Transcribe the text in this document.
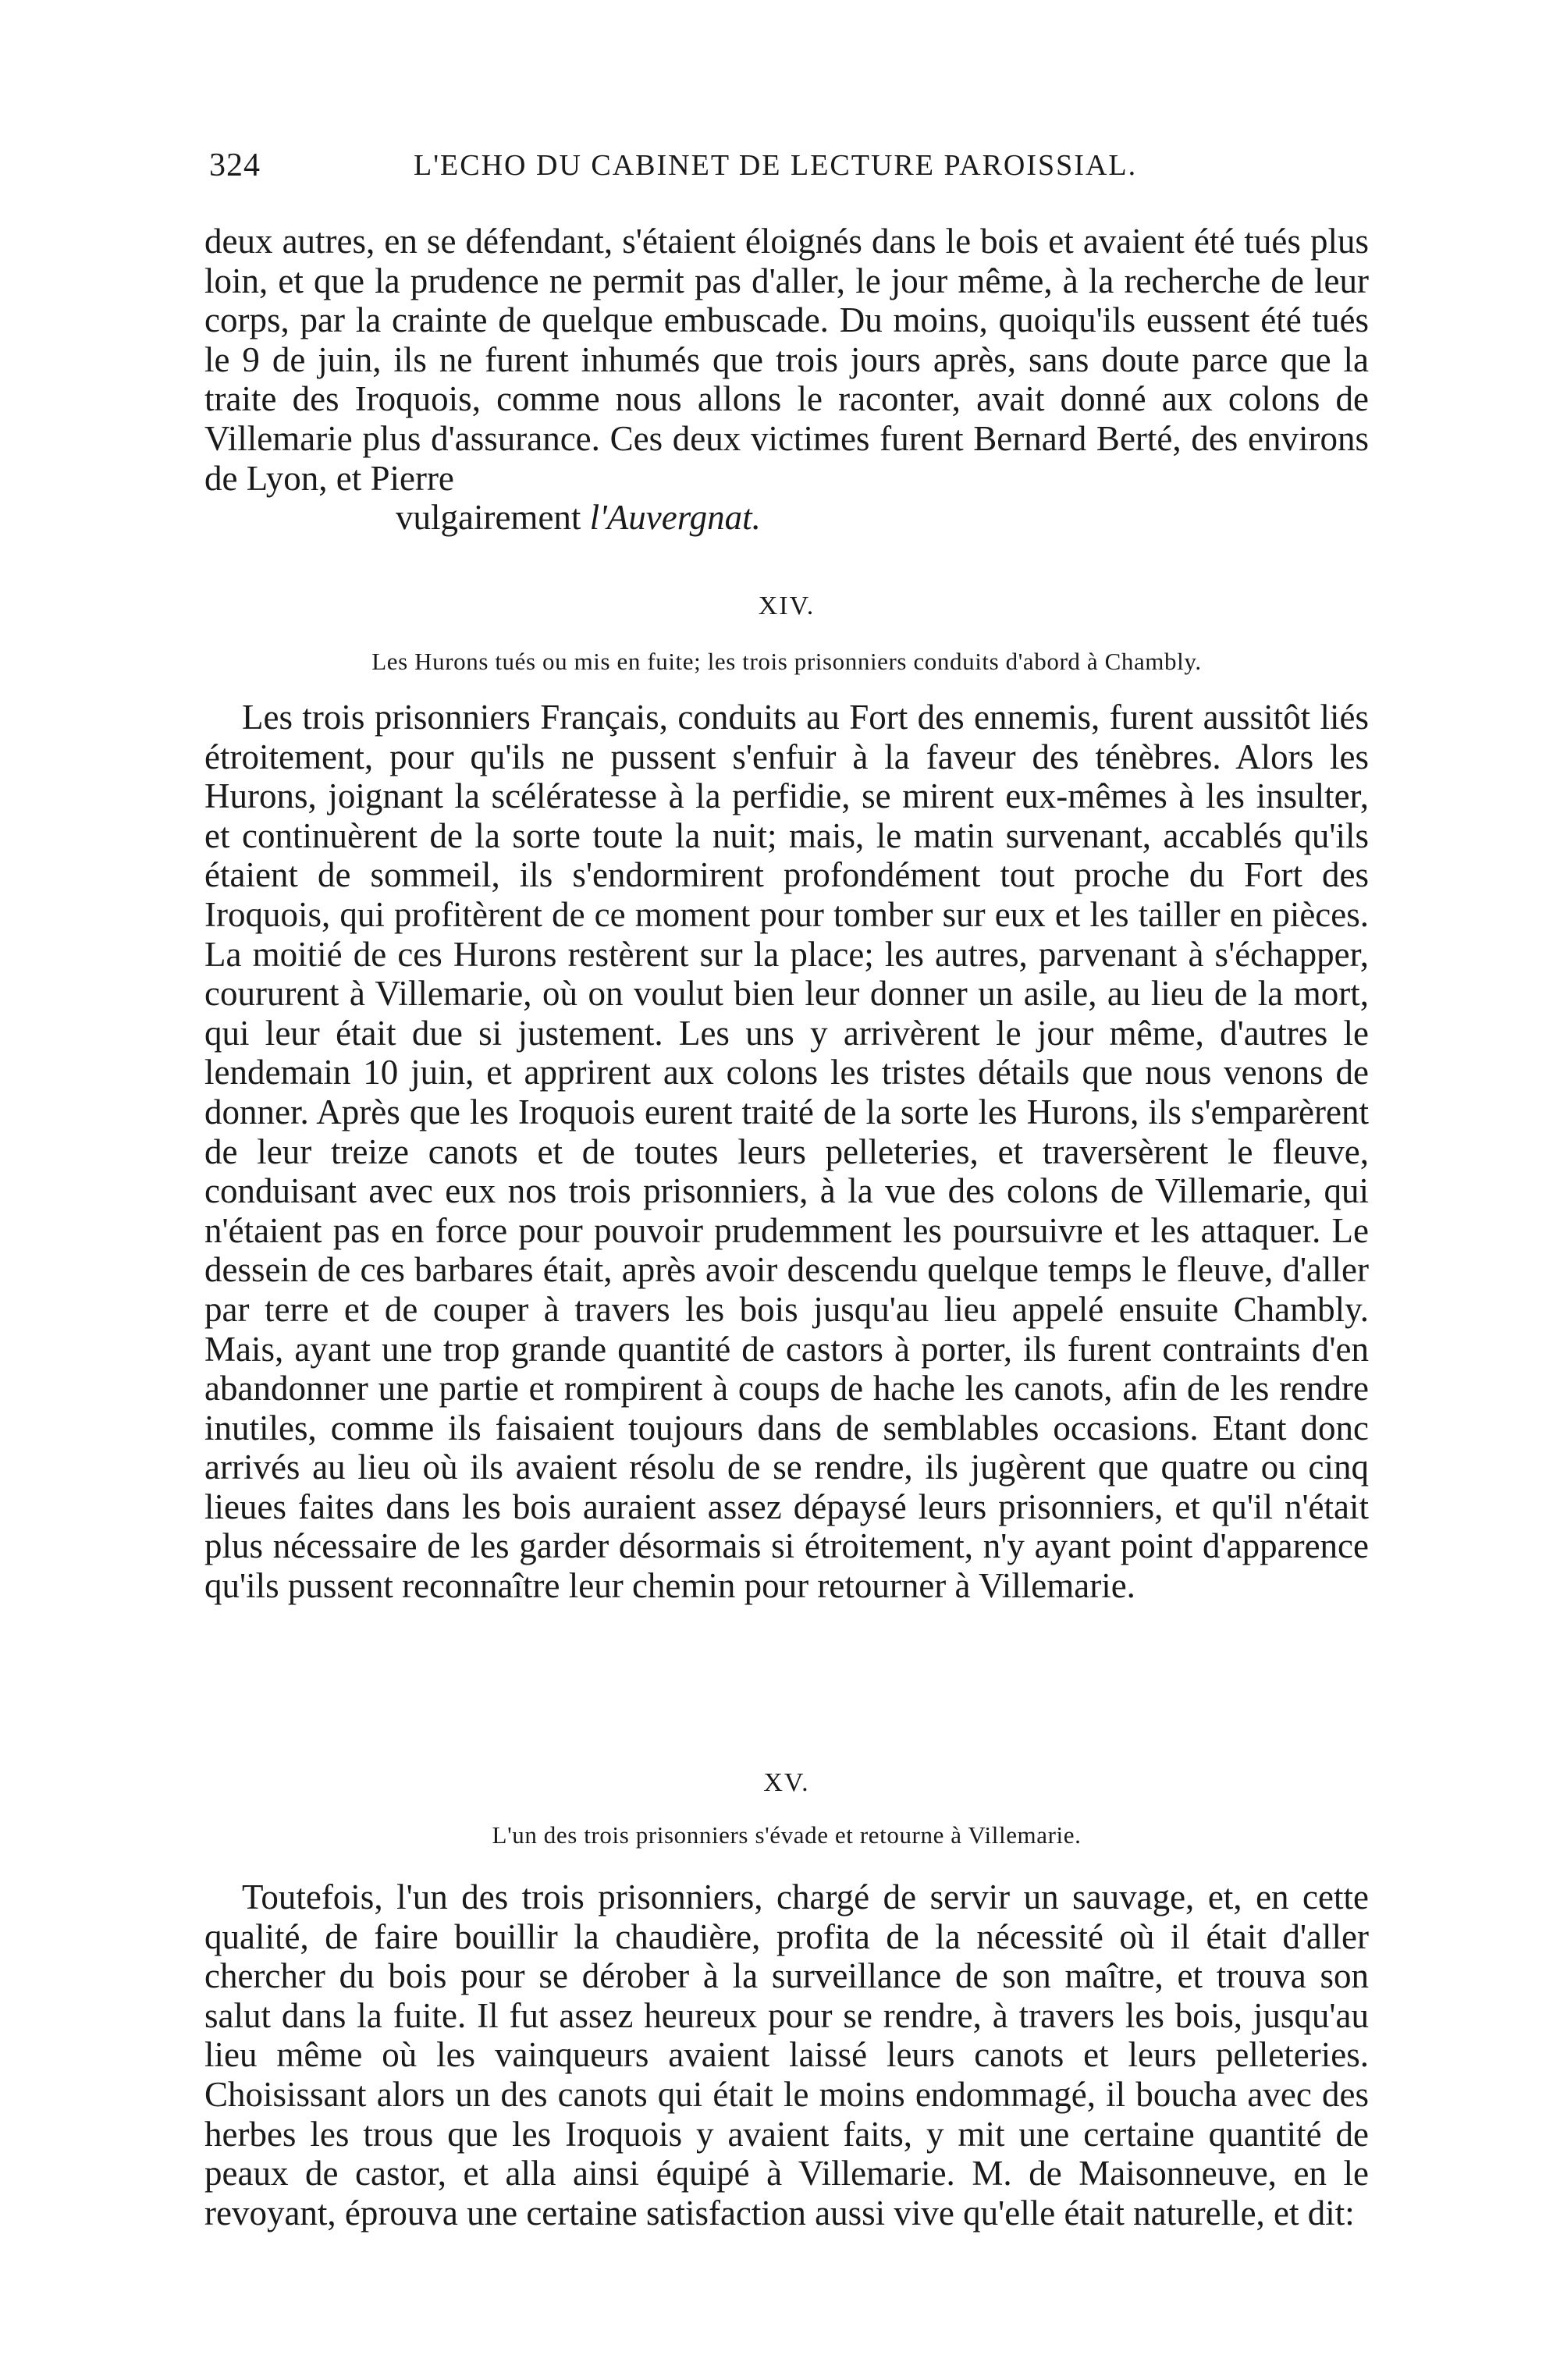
324	L'ECHO DU CABINET DE LECTURE PAROISSIAL.

deux autres, en se défendant, s'étaient éloignés dans le bois et avaient été tués plus loin, et que la prudence ne permit pas d'aller, le jour même, à la recherche de leur corps, par la crainte de quelque embuscade. Du moins, quoiqu'ils eussent été tués le 9 de juin, ils ne furent inhumés que trois jours après, sans doute parce que la traite des Iroquois, comme nous allons le raconter, avait donné aux colons de Villemarie plus d'assurance. Ces deux victimes furent Bernard Berté, des environs de Lyon, et Pierre

vulgairement l'Auvergnat.

XIV.
Les Hurons tués ou mis en fuite; les trois prisonniers conduits d'abord à Chambly.

Les trois prisonniers Français, conduits au Fort des ennemis, furent aussitôt liés étroitement, pour qu'ils ne pussent s'enfuir à la faveur des ténèbres. Alors les Hurons, joignant la scélératesse à la perfidie, se mirent eux-mêmes à les insulter, et continuèrent de la sorte toute la nuit; mais, le matin survenant, accablés qu'ils étaient de sommeil, ils s'endormirent profondément tout proche du Fort des Iroquois, qui profitèrent de ce moment pour tomber sur eux et les tailler en pièces. La moitié de ces Hurons restèrent sur la place; les autres, parvenant à s'échapper, coururent à Villemarie, où on voulut bien leur donner un asile, au lieu de la mort, qui leur était due si justement. Les uns y arrivèrent le jour même, d'autres le lendemain 10 juin, et apprirent aux colons les tristes détails que nous venons de donner. Après que les Iroquois eurent traité de la sorte les Hurons, ils s'emparèrent de leur treize canots et de toutes leurs pelleteries, et traversèrent le fleuve, conduisant avec eux nos trois prisonniers, à la vue des colons de Villemarie, qui n'étaient pas en force pour pouvoir prudemment les poursuivre et les attaquer. Le dessein de ces barbares était, après avoir descendu quelque temps le fleuve, d'aller par terre et de couper à travers les bois jusqu'au lieu appelé ensuite Chambly. Mais, ayant une trop grande quantité de castors à porter, ils furent contraints d'en abandonner une partie et rompirent à coups de hache les canots, afin de les rendre inutiles, comme ils faisaient toujours dans de semblables occasions. Etant donc arrivés au lieu où ils avaient résolu de se rendre, ils jugèrent que quatre ou cinq lieues faites dans les bois auraient assez dépaysé leurs prisonniers, et qu'il n'était plus nécessaire de les garder désormais si étroitement, n'y ayant point d'apparence qu'ils pussent reconnaître leur chemin pour retourner à Villemarie.

XV.
L'un des trois prisonniers s'évade et retourne à Villemarie.

Toutefois, l'un des trois prisonniers, chargé de servir un sauvage, et, en cette qualité, de faire bouillir la chaudière, profita de la nécessité où il était d'aller chercher du bois pour se dérober à la surveillance de son maître, et trouva son salut dans la fuite. Il fut assez heureux pour se rendre, à travers les bois, jusqu'au lieu même où les vainqueurs avaient laissé leurs canots et leurs pelleteries. Choisissant alors un des canots qui était le moins endommagé, il boucha avec des herbes les trous que les Iroquois y avaient faits, y mit une certaine quantité de peaux de castor, et alla ainsi équipé à Villemarie. M. de Maisonneuve, en le revoyant, éprouva une certaine satisfaction aussi vive qu'elle était naturelle, et dit:
